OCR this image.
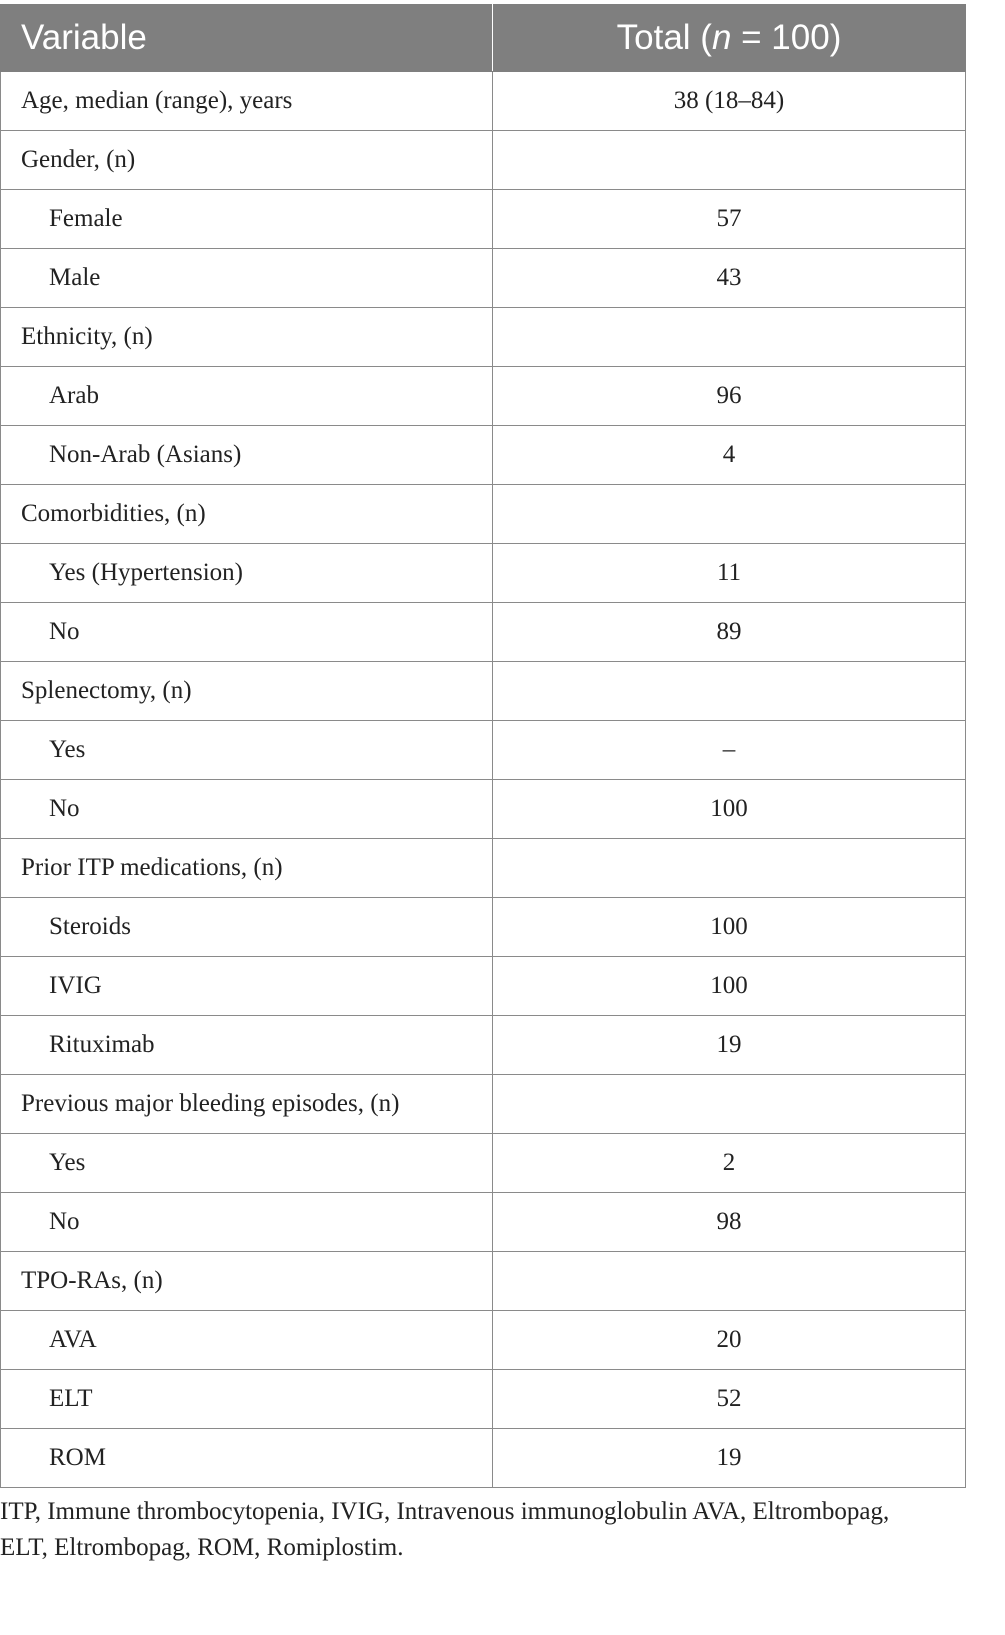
Variable	Total (n = 100)
Age, median (range), years	38 (18–84)
Gender, (n)	
Female	57
Male	43
Ethnicity, (n)	
Arab	96
Non-Arab (Asians)	4
Comorbidities, (n)	
Yes (Hypertension)	11
No	89
Splenectomy, (n)	
Yes	–
No	100
Prior ITP medications, (n)	
Steroids	100
IVIG	100
Rituximab	19
Previous major bleeding episodes, (n)	
Yes	2
No	98
TPO-RAs, (n)	
AVA	20
ELT	52
ROM	19
ITP, Immune thrombocytopenia, IVIG, Intravenous immunoglobulin AVA, Eltrombopag,
ELT, Eltrombopag, ROM, Romiplostim.
